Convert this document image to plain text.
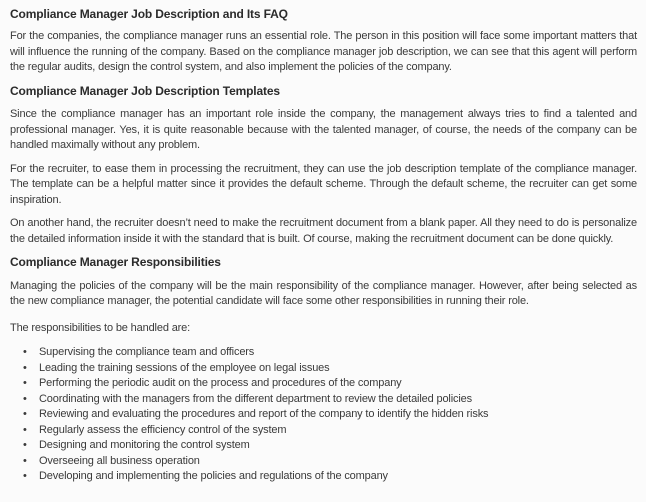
Compliance Manager Job Description and Its FAQ

For the companies, the compliance manager runs an essential role. The person in this position will face some important matters that will influence the running of the company. Based on the compliance manager job description, we can see that this agent will perform the regular audits, design the control system, and also implement the policies of the company.

Compliance Manager Job Description Templates

Since the compliance manager has an important role inside the company, the management always tries to find a talented and professional manager. Yes, it is quite reasonable because with the talented manager, of course, the needs of the company can be handled maximally without any problem.

For the recruiter, to ease them in processing the recruitment, they can use the job description template of the compliance manager. The template can be a helpful matter since it provides the default scheme. Through the default scheme, the recruiter can get some inspiration.

On another hand, the recruiter doesn’t need to make the recruitment document from a blank paper. All they need to do is personalize the detailed information inside it with the standard that is built. Of course, making the recruitment document can be done quickly.

Compliance Manager Responsibilities

Managing the policies of the company will be the main responsibility of the compliance manager. However, after being selected as the new compliance manager, the potential candidate will face some other responsibilities in running their role.

The responsibilities to be handled are:

• Supervising the compliance team and officers
• Leading the training sessions of the employee on legal issues
• Performing the periodic audit on the process and procedures of the company
• Coordinating with the managers from the different department to review the detailed policies
• Reviewing and evaluating the procedures and report of the company to identify the hidden risks
• Regularly assess the efficiency control of the system
• Designing and monitoring the control system
• Overseeing all business operation
• Developing and implementing the policies and regulations of the company
